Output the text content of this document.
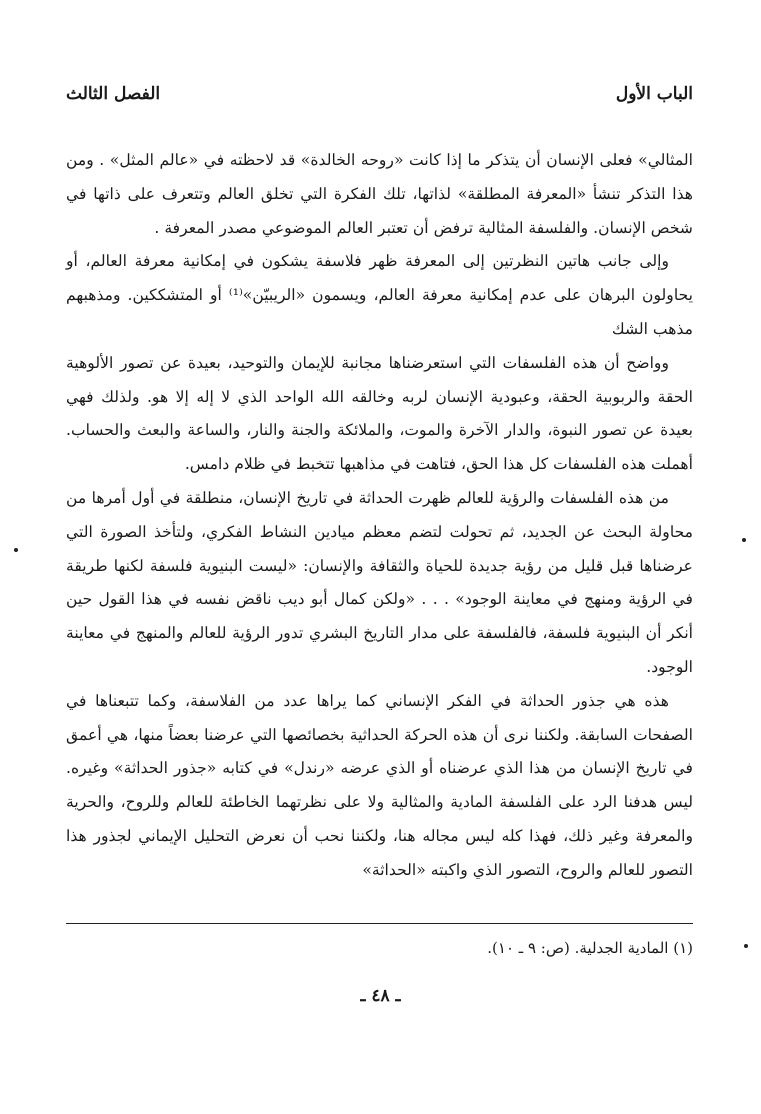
الباب الأول
الفصل الثالث

المثالي» فعلى الإنسان أن يتذكر ما إذا كانت «روحه الخالدة» قد لاحظته في «عالم المثل» . ومن هذا التذكر تنشأ «المعرفة المطلقة» لذاتها، تلك الفكرة التي تخلق العالم وتتعرف على ذاتها في شخص الإنسان. والفلسفة المثالية ترفض أن تعتبر العالم الموضوعي مصدر المعرفة .

وإلى جانب هاتين النظرتين إلى المعرفة ظهر فلاسفة يشكون في إمكانية معرفة العالم، أو يحاولون البرهان على عدم إمكانية معرفة العالم، ويسمون «الريبيّن»⁽¹⁾ أو المتشككين. ومذهبهم مذهب الشك

وواضح أن هذه الفلسفات التي استعرضناها مجانبة للإيمان والتوحيد، بعيدة عن تصور الألوهية الحقة والربوبية الحقة، وعبودية الإنسان لربه وخالقه الله الواحد الذي لا إله إلا هو. ولذلك فهي بعيدة عن تصور النبوة، والدار الآخرة والموت، والملائكة والجنة والنار، والساعة والبعث والحساب. أهملت هذه الفلسفات كل هذا الحق، فتاهت في مذاهبها تتخبط في ظلام دامس.

من هذه الفلسفات والرؤية للعالم ظهرت الحداثة في تاريخ الإنسان، منطلقة في أول أمرها من محاولة البحث عن الجديد، ثم تحولت لتضم معظم ميادين النشاط الفكري، ولتأخذ الصورة التي عرضناها قبل قليل من رؤية جديدة للحياة والثقافة والإنسان: «ليست البنيوية فلسفة لكنها طريقة في الرؤية ومنهج في معاينة الوجود» . . . «ولكن كمال أبو ديب ناقض نفسه في هذا القول حين أنكر أن البنيوية فلسفة، فالفلسفة على مدار التاريخ البشري تدور الرؤية للعالم والمنهج في معاينة الوجود.

هذه هي جذور الحداثة في الفكر الإنساني كما يراها عدد من الفلاسفة، وكما تتبعناها في الصفحات السابقة. ولكننا نرى أن هذه الحركة الحداثية بخصائصها التي عرضنا بعضاً منها، هي أعمق في تاريخ الإنسان من هذا الذي عرضناه أو الذي عرضه «رندل» في كتابه «جذور الحداثة» وغيره. ليس هدفنا الرد على الفلسفة المادية والمثالية ولا على نظرتهما الخاطئة للعالم وللروح، والحرية والمعرفة وغير ذلك، فهذا كله ليس مجاله هنا، ولكننا نحب أن نعرض التحليل الإيماني لجذور هذا التصور للعالم والروح، التصور الذي واكبته «الحداثة»

(١) المادية الجدلية. (ص: ٩ ـ ١٠).
ـ ٤٨ ـ
